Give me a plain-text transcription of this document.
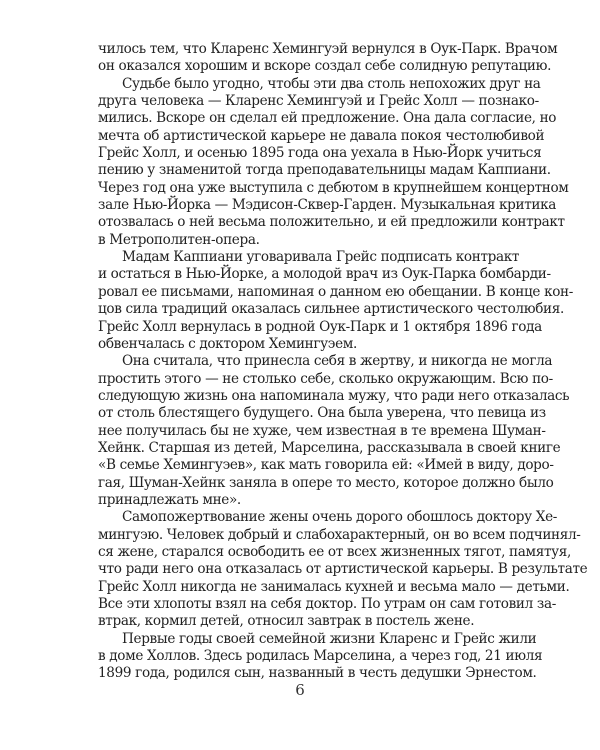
чилось тем, что Кларенс Хемингуэй вернулся в Оук-Парк. Врачом
он оказался хорошим и вскоре создал себе солидную репутацию.
Судьбе было угодно, чтобы эти два столь непохожих друг на
друга человека — Кларенс Хемингуэй и Грейс Холл — познако-
мились. Вскоре он сделал ей предложение. Она дала согласие, но
мечта об артистической карьере не давала покоя честолюбивой
Грейс Холл, и осенью 1895 года она уехала в Нью-Йорк учиться
пению у знаменитой тогда преподавательницы мадам Каппиани.
Через год она уже выступила с дебютом в крупнейшем концертном
зале Нью-Йорка — Мэдисон-Сквер-Гарден. Музыкальная критика
отозвалась о ней весьма положительно, и ей предложили контракт
в Метрополитен-опера.
Мадам Каппиани уговаривала Грейс подписать контракт
и остаться в Нью-Йорке, а молодой врач из Оук-Парка бомбарди-
ровал ее письмами, напоминая о данном ею обещании. В конце кон-
цов сила традиций оказалась сильнее артистического честолюбия.
Грейс Холл вернулась в родной Оук-Парк и 1 октября 1896 года
обвенчалась с доктором Хемингуэем.
Она считала, что принесла себя в жертву, и никогда не могла
простить этого — не столько себе, сколько окружающим. Всю по-
следующую жизнь она напоминала мужу, что ради него отказалась
от столь блестящего будущего. Она была уверена, что певица из
нее получилась бы не хуже, чем известная в те времена Шуман-
Хейнк. Старшая из детей, Марселина, рассказывала в своей книге
«В семье Хемингуэев», как мать говорила ей: «Имей в виду, доро-
гая, Шуман-Хейнк заняла в опере то место, которое должно было
принадлежать мне».
Самопожертвование жены очень дорого обошлось доктору Хе-
мингуэю. Человек добрый и слабохарактерный, он во всем подчинял-
ся жене, старался освободить ее от всех жизненных тягот, памятуя,
что ради него она отказалась от артистической карьеры. В результате
Грейс Холл никогда не занималась кухней и весьма мало — детьми.
Все эти хлопоты взял на себя доктор. По утрам он сам готовил за-
втрак, кормил детей, относил завтрак в постель жене.
Первые годы своей семейной жизни Кларенс и Грейс жили
в доме Холлов. Здесь родилась Марселина, а через год, 21 июля
1899 года, родился сын, названный в честь дедушки Эрнестом.
6
